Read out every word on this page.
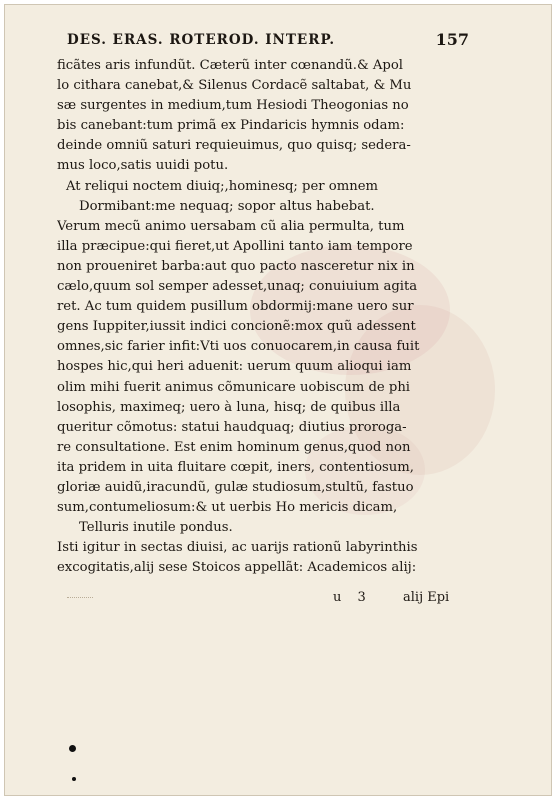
DES. ERAS. ROTEROD. INTERP.	157
ficãtes aris infundũt. Cæterũ inter cœnandũ.& Apol
lo cithara canebat,& Silenus Cordacẽ saltabat, & Mu
sæ surgentes in medium,tum Hesiodi Theogonias no
bis canebant:tum primã ex Pindaricis hymnis odam:
deinde omniũ saturi requieuimus, quo quisq; sedera-
mus loco,satis uuidi potu.
At reliqui noctem diuiq;,hominesq; per omnem
Dormibant:me nequaq; sopor altus habebat.
Verum mecũ animo uersabam cũ alia permulta, tum
illa præcipue:qui fieret,ut Apollini tanto iam tempore
non proueniret barba:aut quo pacto nasceretur nix in
cælo,quum sol semper adesset,unaq; conuiuium agita
ret. Ac tum quidem pusillum obdormij:mane uero sur
gens Iuppiter,iussit indici concionẽ:mox quũ adessent
omnes,sic farier infit:Vti uos conuocarem,in causa fuit
hospes hic,qui heri aduenit: uerum quum alioqui iam
olim mihi fuerit animus cõmunicare uobiscum de phi
losophis, maximeq; uero à luna, hisq; de quibus illa
queritur cõmotus: statui haudquaq; diutius proroga-
re consultatione. Est enim hominum genus,quod non
ita pridem in uita fluitare cœpit, iners, contentiosum,
gloriæ auidũ,iracundũ, gulæ studiosum,stultũ, fastuo
sum,contumeliosum:& ut uerbis Ho mericis dicam,
Telluris inutile pondus.
Isti igitur in sectas diuisi, ac uarijs rationũ labyrinthis
excogitatis,alij sese Stoicos appellãt: Academicos alij:
u 3 alij Epi
